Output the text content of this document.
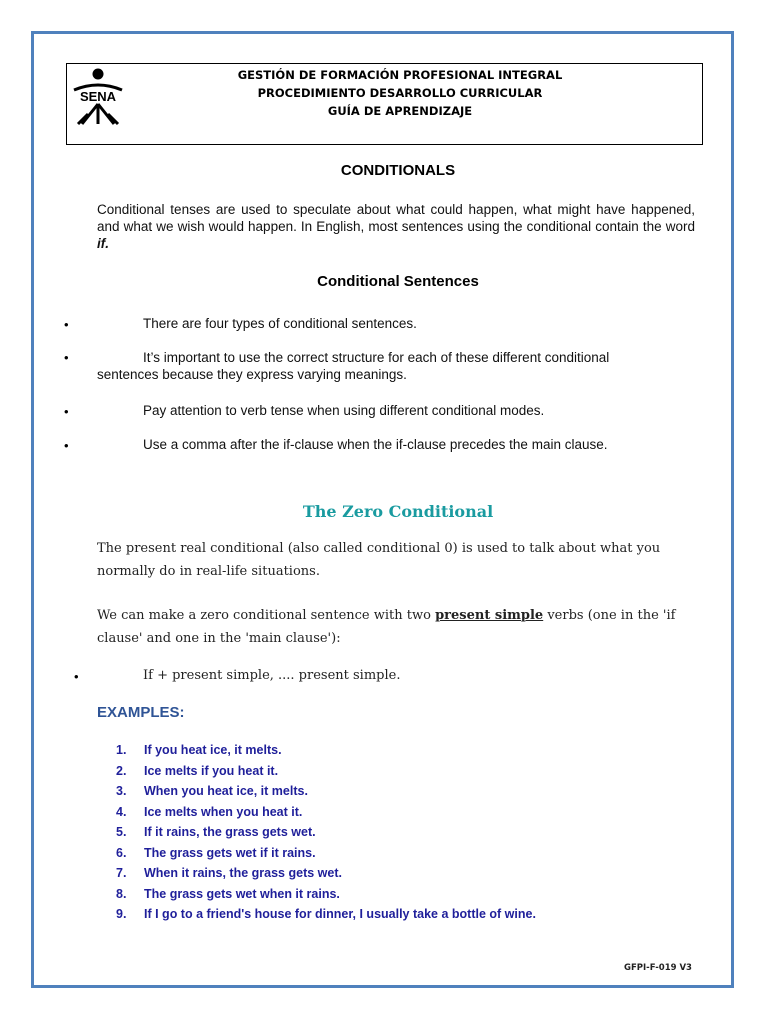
SENA
GESTIÓN DE FORMACIÓN PROFESIONAL INTEGRAL
PROCEDIMIENTO DESARROLLO CURRICULAR
GUÍA DE APRENDIZAJE
CONDITIONALS
Conditional tenses are used to speculate about what could happen, what might have happened, and what we wish would happen. In English, most sentences using the conditional contain the word if.
Conditional Sentences
•	There are four types of conditional sentences.
•	It’s important to use the correct structure for each of these different conditional
sentences because they express varying meanings.
•	Pay attention to verb tense when using different conditional modes.
•	Use a comma after the if-clause when the if-clause precedes the main clause.
The Zero Conditional
The present real conditional (also called conditional 0) is used to talk about what you
normally do in real-life situations.
We can make a zero conditional sentence with two present simple verbs (one in the 'if
clause' and one in the 'main clause'):
•	If + present simple, .... present simple.
EXAMPLES:
1. If you heat ice, it melts.
2. Ice melts if you heat it.
3. When you heat ice, it melts.
4. Ice melts when you heat it.
5. If it rains, the grass gets wet.
6. The grass gets wet if it rains.
7. When it rains, the grass gets wet.
8. The grass gets wet when it rains.
9. If I go to a friend's house for dinner, I usually take a bottle of wine.
GFPI-F-019 V3
